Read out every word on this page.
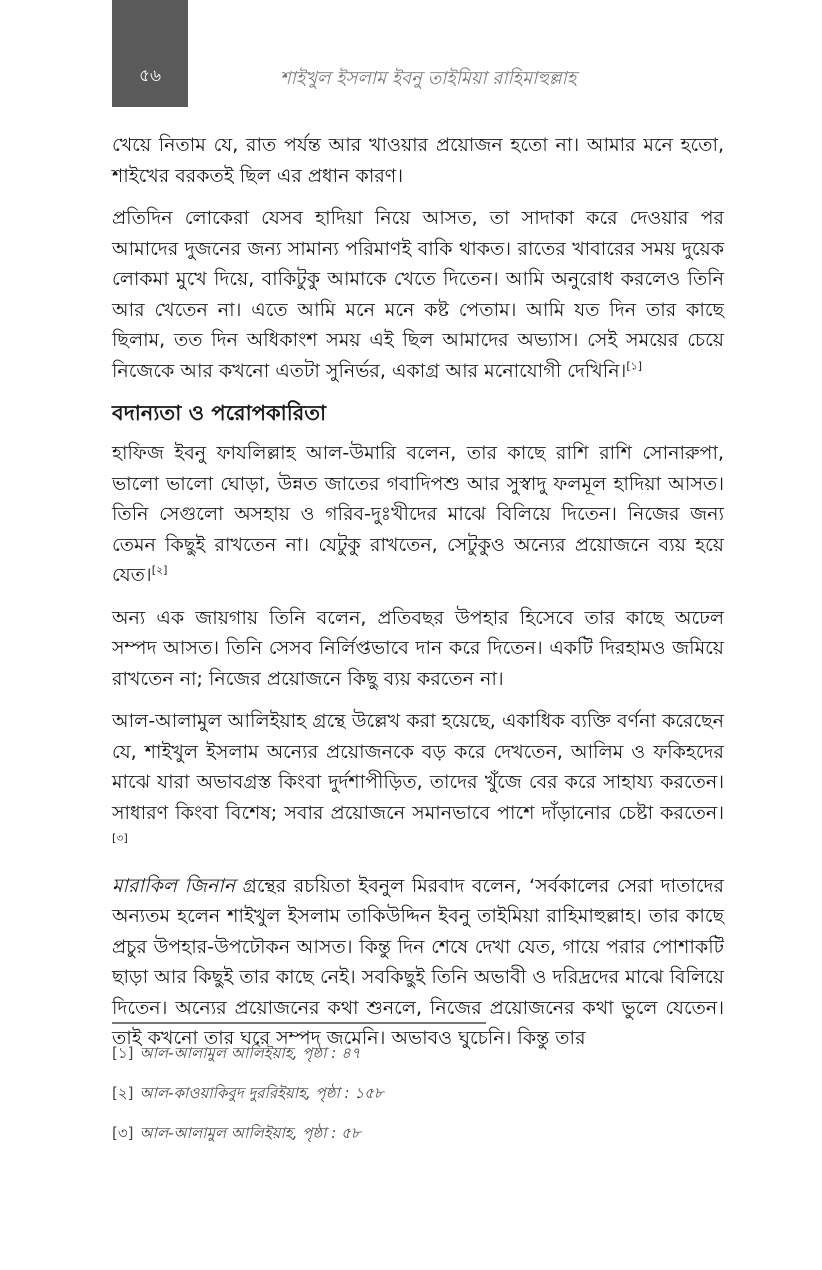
৫৬	শাইখুল ইসলাম ইবনু তাইমিয়া রাহিমাহুল্লাহ

খেয়ে নিতাম যে, রাত পর্যন্ত আর খাওয়ার প্রয়োজন হতো না। আমার মনে হতো, শাইখের বরকতই ছিল এর প্রধান কারণ।

প্রতিদিন লোকেরা যেসব হাদিয়া নিয়ে আসত, তা সাদাকা করে দেওয়ার পর আমাদের দুজনের জন্য সামান্য পরিমাণই বাকি থাকত। রাতের খাবারের সময় দুয়েক লোকমা মুখে দিয়ে, বাকিটুকু আমাকে খেতে দিতেন। আমি অনুরোধ করলেও তিনি আর খেতেন না। এতে আমি মনে মনে কষ্ট পেতাম। আমি যত দিন তার কাছে ছিলাম, তত দিন অধিকাংশ সময় এই ছিল আমাদের অভ্যাস। সেই সময়ের চেয়ে নিজেকে আর কখনো এতটা সুনির্ভর, একাগ্র আর মনোযোগী দেখিনি।[১]

বদান্যতা ও পরোপকারিতা

হাফিজ ইবনু ফাযলিল্লাহ আল-উমারি বলেন, তার কাছে রাশি রাশি সোনারুপা, ভালো ভালো ঘোড়া, উন্নত জাতের গবাদিপশু আর সুস্বাদু ফলমূল হাদিয়া আসত। তিনি সেগুলো অসহায় ও গরিব-দুঃখীদের মাঝে বিলিয়ে দিতেন। নিজের জন্য তেমন কিছুই রাখতেন না। যেটুকু রাখতেন, সেটুকুও অন্যের প্রয়োজনে ব্যয় হয়ে যেত।[২]

অন্য এক জায়গায় তিনি বলেন, প্রতিবছর উপহার হিসেবে তার কাছে অঢেল সম্পদ আসত। তিনি সেসব নির্লিপ্তভাবে দান করে দিতেন। একটি দিরহামও জমিয়ে রাখতেন না; নিজের প্রয়োজনে কিছু ব্যয় করতেন না।

আল-আলামুল আলিইয়াহ গ্রন্থে উল্লেখ করা হয়েছে, একাধিক ব্যক্তি বর্ণনা করেছেন যে, শাইখুল ইসলাম অন্যের প্রয়োজনকে বড় করে দেখতেন, আলিম ও ফকিহদের মাঝে যারা অভাবগ্রস্ত কিংবা দুর্দশাপীড়িত, তাদের খুঁজে বের করে সাহায্য করতেন। সাধারণ কিংবা বিশেষ; সবার প্রয়োজনে সমানভাবে পাশে দাঁড়ানোর চেষ্টা করতেন।[৩]

মারাকিল জিনান গ্রন্থের রচয়িতা ইবনুল মিরবাদ বলেন, ‘সর্বকালের সেরা দাতাদের অন্যতম হলেন শাইখুল ইসলাম তাকিউদ্দিন ইবনু তাইমিয়া রাহিমাহুল্লাহ। তার কাছে প্রচুর উপহার-উপঢৌকন আসত। কিন্তু দিন শেষে দেখা যেত, গায়ে পরার পোশাকটি ছাড়া আর কিছুই তার কাছে নেই। সবকিছুই তিনি অভাবী ও দরিদ্রদের মাঝে বিলিয়ে দিতেন। অন্যের প্রয়োজনের কথা শুনলে, নিজের প্রয়োজনের কথা ভুলে যেতেন। তাই কখনো তার ঘরে সম্পদ জমেনি। অভাবও ঘুচেনি। কিন্তু তার

[১] আল-আলামুল আলিইয়াহ, পৃষ্ঠা : ৪৭
[২] আল-কাওয়াকিবুদ দুররিইয়াহ, পৃষ্ঠা : ১৫৮
[৩] আল-আলামুল আলিইয়াহ, পৃষ্ঠা : ৫৮
